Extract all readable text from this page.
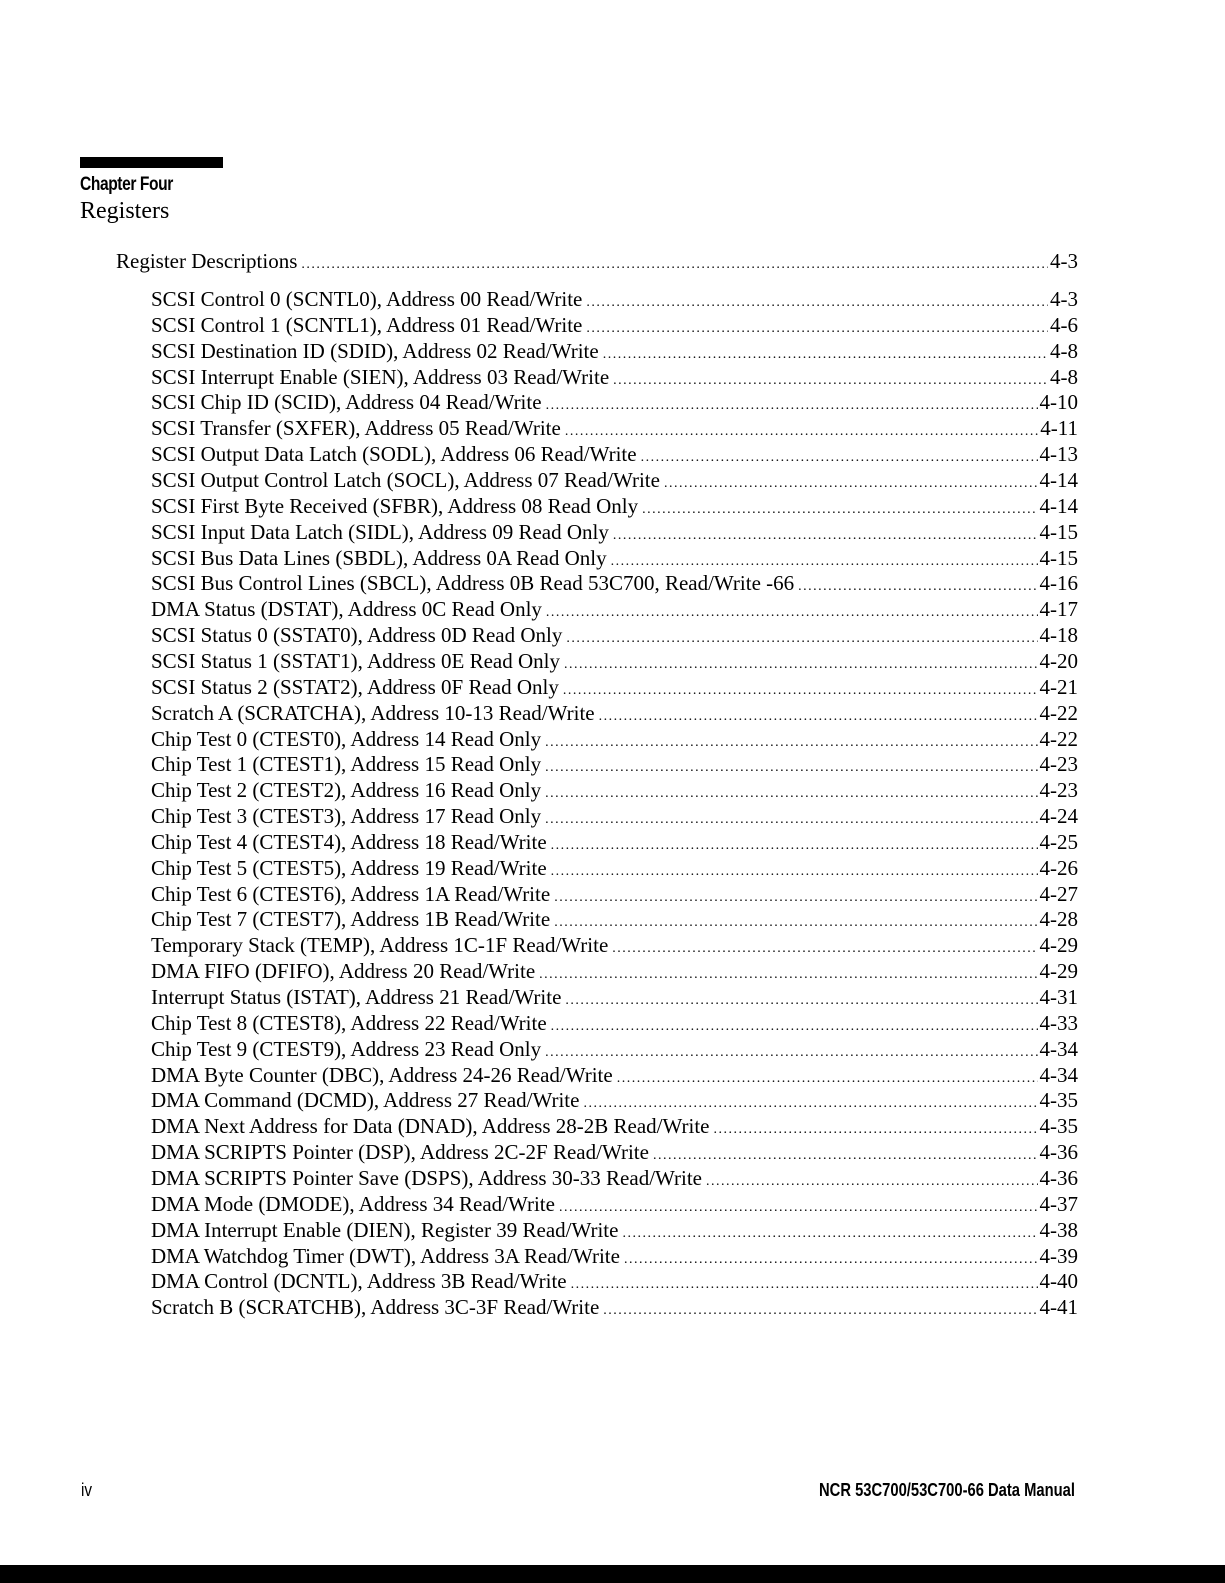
Chapter Four
Registers
Register Descriptions .....	4-3
SCSI Control 0 (SCNTL0), Address 00 Read/Write .....	4-3
SCSI Control 1 (SCNTL1), Address 01 Read/Write .....	4-6
SCSI Destination ID (SDID), Address 02 Read/Write .....	4-8
SCSI Interrupt Enable (SIEN), Address 03 Read/Write .....	4-8
SCSI Chip ID (SCID), Address 04 Read/Write .....	4-10
SCSI Transfer (SXFER), Address 05 Read/Write .....	4-11
SCSI Output Data Latch (SODL), Address 06 Read/Write .....	4-13
SCSI Output Control Latch (SOCL), Address 07 Read/Write .....	4-14
SCSI First Byte Received (SFBR), Address 08 Read Only .....	4-14
SCSI Input Data Latch (SIDL), Address 09 Read Only .....	4-15
SCSI Bus Data Lines (SBDL), Address 0A Read Only .....	4-15
SCSI Bus Control Lines (SBCL), Address 0B Read 53C700, Read/Write -66 .....	4-16
DMA Status (DSTAT), Address 0C Read Only .....	4-17
SCSI Status 0 (SSTAT0), Address 0D Read Only .....	4-18
SCSI Status 1 (SSTAT1), Address 0E Read Only .....	4-20
SCSI Status 2 (SSTAT2), Address 0F Read Only .....	4-21
Scratch A (SCRATCHA), Address 10-13 Read/Write .....	4-22
Chip Test 0 (CTEST0), Address 14 Read Only .....	4-22
Chip Test 1 (CTEST1), Address 15 Read Only .....	4-23
Chip Test 2 (CTEST2), Address 16 Read Only .....	4-23
Chip Test 3 (CTEST3), Address 17 Read Only .....	4-24
Chip Test 4 (CTEST4), Address 18 Read/Write .....	4-25
Chip Test 5 (CTEST5), Address 19 Read/Write .....	4-26
Chip Test 6 (CTEST6), Address 1A Read/Write .....	4-27
Chip Test 7 (CTEST7), Address 1B Read/Write .....	4-28
Temporary Stack (TEMP), Address 1C-1F Read/Write .....	4-29
DMA FIFO (DFIFO), Address 20 Read/Write .....	4-29
Interrupt Status (ISTAT), Address 21 Read/Write .....	4-31
Chip Test 8 (CTEST8), Address 22 Read/Write .....	4-33
Chip Test 9 (CTEST9), Address 23 Read Only .....	4-34
DMA Byte Counter (DBC), Address 24-26 Read/Write .....	4-34
DMA Command (DCMD), Address 27 Read/Write .....	4-35
DMA Next Address for Data (DNAD), Address 28-2B Read/Write .....	4-35
DMA SCRIPTS Pointer (DSP), Address 2C-2F Read/Write .....	4-36
DMA SCRIPTS Pointer Save (DSPS), Address 30-33 Read/Write .....	4-36
DMA Mode (DMODE), Address 34 Read/Write .....	4-37
DMA Interrupt Enable (DIEN), Register 39 Read/Write .....	4-38
DMA Watchdog Timer (DWT), Address 3A Read/Write .....	4-39
DMA Control (DCNTL), Address 3B Read/Write .....	4-40
Scratch B (SCRATCHB), Address 3C-3F Read/Write .....	4-41
iv	NCR 53C700/53C700-66 Data Manual
